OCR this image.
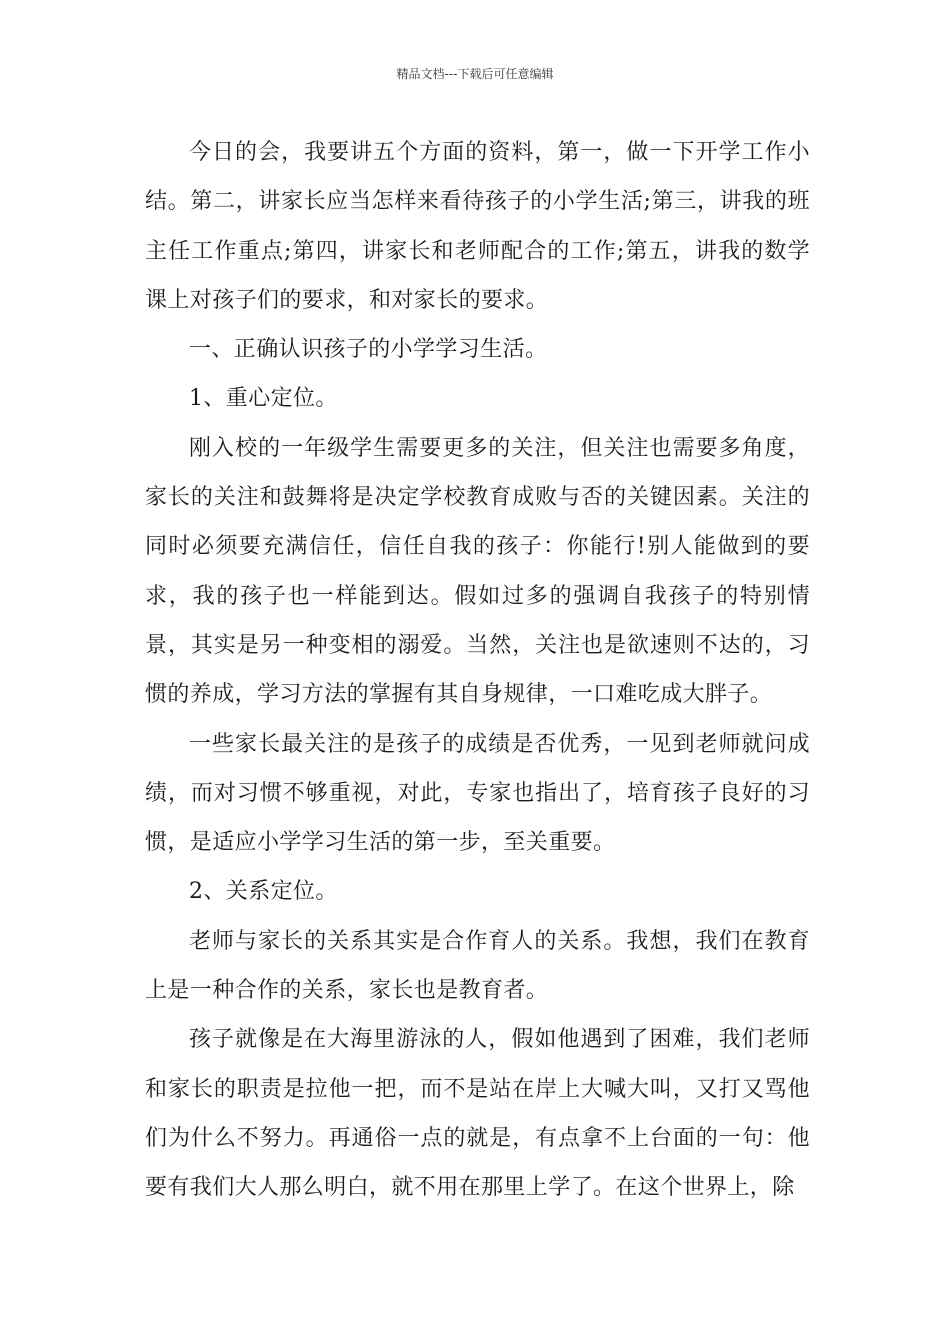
精品文档---下载后可任意编辑

今日的会，我要讲五个方面的资料，第一，做一下开学工作小结。第二，讲家长应当怎样来看待孩子的小学生活;第三，讲我的班主任工作重点;第四，讲家长和老师配合的工作;第五，讲我的数学课上对孩子们的要求，和对家长的要求。

一、正确认识孩子的小学学习生活。

1、重心定位。

刚入校的一年级学生需要更多的关注，但关注也需要多角度，家长的关注和鼓舞将是决定学校教育成败与否的关键因素。关注的同时必须要充满信任，信任自我的孩子：你能行!别人能做到的要求，我的孩子也一样能到达。假如过多的强调自我孩子的特别情景，其实是另一种变相的溺爱。当然，关注也是欲速则不达的，习惯的养成，学习方法的掌握有其自身规律，一口难吃成大胖子。

一些家长最关注的是孩子的成绩是否优秀，一见到老师就问成绩，而对习惯不够重视，对此，专家也指出了，培育孩子良好的习惯，是适应小学学习生活的第一步，至关重要。

2、关系定位。

老师与家长的关系其实是合作育人的关系。我想，我们在教育上是一种合作的关系，家长也是教育者。

孩子就像是在大海里游泳的人，假如他遇到了困难，我们老师和家长的职责是拉他一把，而不是站在岸上大喊大叫，又打又骂他们为什么不努力。再通俗一点的就是，有点拿不上台面的一句：他要有我们大人那么明白，就不用在那里上学了。在这个世界上，除
